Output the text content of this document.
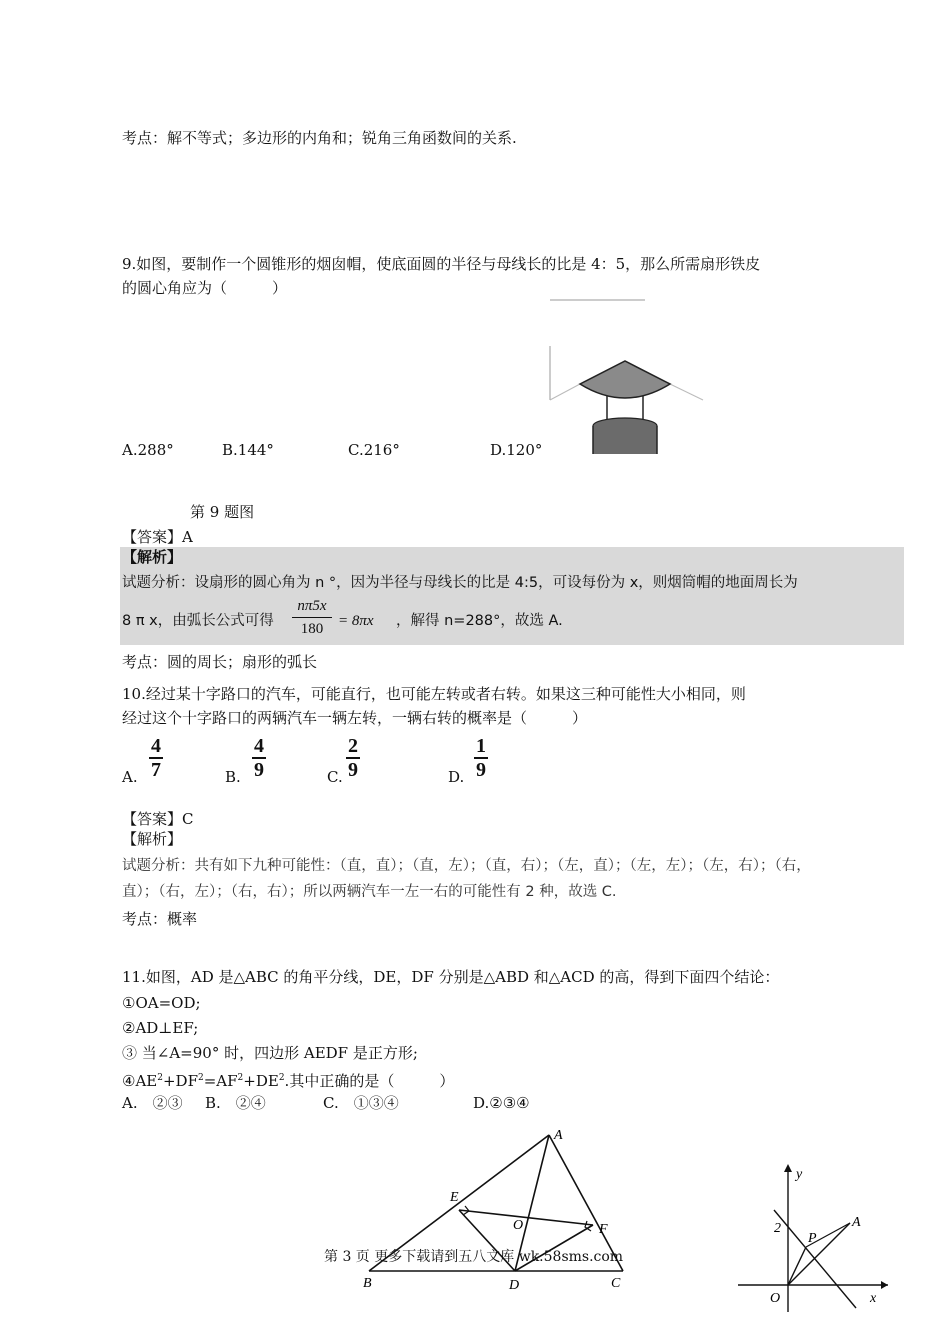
考点：解不等式；多边形的内角和；锐角三角函数间的关系.
9.如图，要制作一个圆锥形的烟囱帽，使底面圆的半径与母线长的比是 4：5，那么所需扇形铁皮
的圆心角应为（　　　）
A.288°	B.144°	C.216°	D.120°
第 9 题图
【答案】A
【解析】
试题分析：设扇形的圆心角为 n °，因为半径与母线长的比是 4:5，可设每份为 x，则烟筒帽的地面周长为
8 π x，由弧长公式可得
nπ5x
180 = 8πx ，解得 n=288°，故选 A.
考点：圆的周长；扇形的弧长
10.经过某十字路口的汽车，可能直行，也可能左转或者右转。如果这三种可能性大小相同，则
经过这个十字路口的两辆汽车一辆左转，一辆右转的概率是（　　　）
A.
4
7	B.
4
9	C.
2
9	D.
1
9
【答案】C
【解析】
试题分析：共有如下九种可能性：（直，直）；（直，左）；（直，右）；（左，直）；（左，左）；（左，右）；（右，
直）；（右，左）；（右，右）；所以两辆汽车一左一右的可能性有 2 种，故选 C.
考点：概率
11.如图，AD 是△ABC 的角平分线，DE，DF 分别是△ABD 和△ACD 的高，得到下面四个结论：
①OA=OD;
②AD⊥EF;
③ 当∠A=90° 时，四边形 AEDF 是正方形;
$④AE^2+DF^2=AF^2+DE^2$.其中正确的是（　　　）
A.　②③ B.　②④	C.　①③④	D.②③④
A
B	C
D
E
F
O
y
x
O
2
P
A
第 3 页 更多下载请到五八文库 wk.58sms.com
